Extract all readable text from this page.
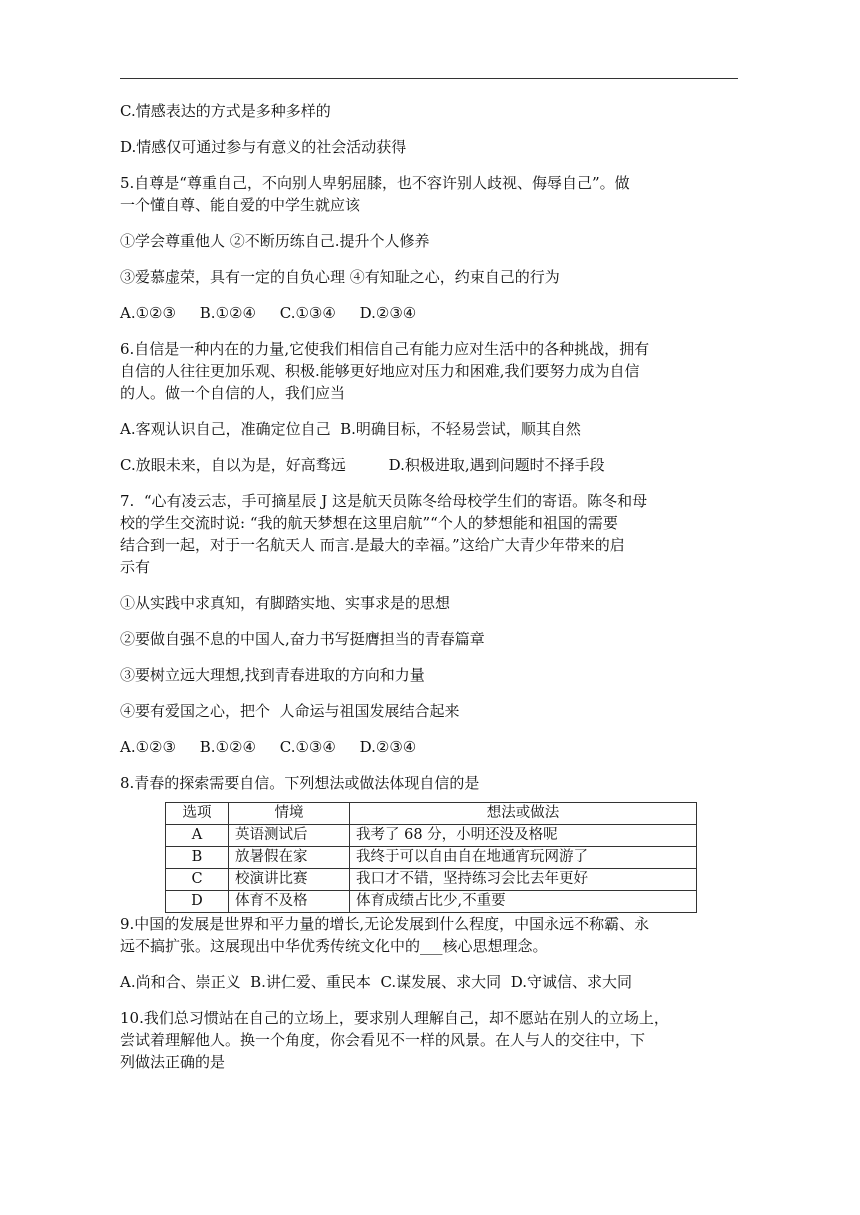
C.情感表达的方式是多种多样的

D.情感仅可通过参与有意义的社会活动获得

5.自尊是“尊重自己，不向别人卑躬屈膝，也不容许别人歧视、侮辱自己”。做

一个懂自尊、能自爱的中学生就应该

①学会尊重他人 ②不断历练自己.提升个人修养

③爱慕虚荣，具有一定的自负心理 ④有知耻之心，约束自己的行为

A.①②③     B.①②④     C.①③④     D.②③④

6.自信是一种内在的力量,它使我们相信自己有能力应对生活中的各种挑战，拥有

自信的人往往更加乐观、积极.能够更好地应对压力和困难,我们要努力成为自信

的人。做一个自信的人，我们应当

A.客观认识自己，准确定位自己  B.明确目标，不轻易尝试，顺其自然

C.放眼未来，自以为是，好高骛远         D.积极进取,遇到问题时不择手段

7.  “心有凌云志，手可摘星辰 J 这是航天员陈冬给母校学生们的寄语。陈冬和母

校的学生交流时说: “我的航天梦想在这里启航”“个人的梦想能和祖国的需要

结合到一起，对于一名航天人 而言.是最大的幸福。”这给广大青少年带来的启

示有

①从实践中求真知，有脚踏实地、实事求是的思想

②要做自强不息的中国人,奋力书写挺膺担当的青春篇章

③要树立远大理想,找到青春进取的方向和力量

④要有爱国之心，把个  人命运与祖国发展结合起来

A.①②③     B.①②④     C.①③④     D.②③④

8.青春的探索需要自信。下列想法或做法体现自信的是

选项	情境	想法或做法
A	英语测试后	我考了 68 分，小明还没及格呢
B	放暑假在家	我终于可以自由自在地通宵玩网游了
C	校演讲比赛	我口才不错，坚持练习会比去年更好
D	体育不及格	体育成绩占比少,不重要

9.中国的发展是世界和平力量的增长,无论发展到什么程度，中国永远不称霸、永

远不搞扩张。这展现出中华优秀传统文化中的___核心思想理念。

A.尚和合、崇正义  B.讲仁爱、重民本  C.谋发展、求大同  D.守诚信、求大同

10.我们总习惯站在自己的立场上，要求别人理解自己，却不愿站在别人的立场上，

尝试着理解他人。换一个角度，你会看见不一样的风景。在人与人的交往中，下

列做法正确的是
